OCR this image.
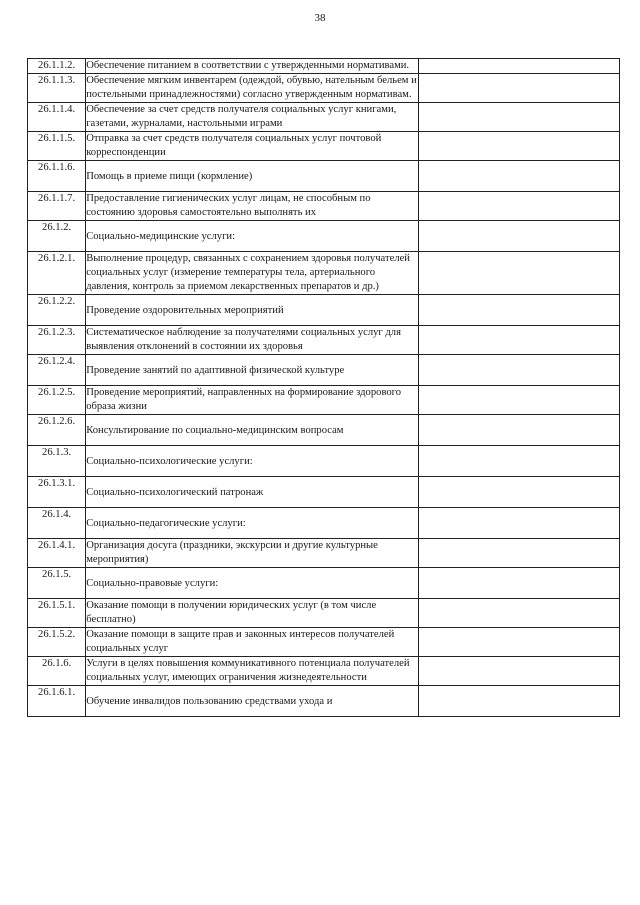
38
26.1.1.2.	Обеспечение питанием в соответствии с утвержденными нормативами.	
26.1.1.3.	Обеспечение мягким инвентарем (одеждой, обувью, нательным бельем и постельными принадлежностями) согласно утвержденным нормативам.	
26.1.1.4.	Обеспечение за счет средств получателя социальных услуг книгами, газетами, журналами, настольными играми	
26.1.1.5.	Отправка за счет средств получателя социальных услуг почтовой корреспонденции	
26.1.1.6.	Помощь в приеме пищи (кормление)	
26.1.1.7.	Предоставление гигиенических услуг лицам, не способным по состоянию здоровья самостоятельно выполнять их	
26.1.2.	Социально-медицинские услуги:	
26.1.2.1.	Выполнение процедур, связанных с сохранением здоровья получателей социальных услуг (измерение температуры тела, артериального давления, контроль за приемом лекарственных препаратов и др.)	
26.1.2.2.	Проведение оздоровительных мероприятий	
26.1.2.3.	Систематическое наблюдение за получателями социальных услуг для выявления отклонений в состоянии их здоровья	
26.1.2.4.	Проведение занятий по адаптивной физической культуре	
26.1.2.5.	Проведение мероприятий, направленных на формирование здорового образа жизни	
26.1.2.6.	Консультирование по социально-медицинским вопросам	
26.1.3.	Социально-психологические услуги:	
26.1.3.1.	Социально-психологический патронаж	
26.1.4.	Социально-педагогические услуги:	
26.1.4.1.	Организация досуга (праздники, экскурсии и другие культурные мероприятия)	
26.1.5.	Социально-правовые услуги:	
26.1.5.1.	Оказание помощи в получении юридических услуг (в том числе бесплатно)	
26.1.5.2.	Оказание помощи в защите прав и законных интересов получателей социальных услуг	
26.1.6.	Услуги в целях повышения коммуникативного потенциала получателей социальных услуг, имеющих ограничения жизнедеятельности	
26.1.6.1.	Обучение инвалидов пользованию средствами ухода и	
